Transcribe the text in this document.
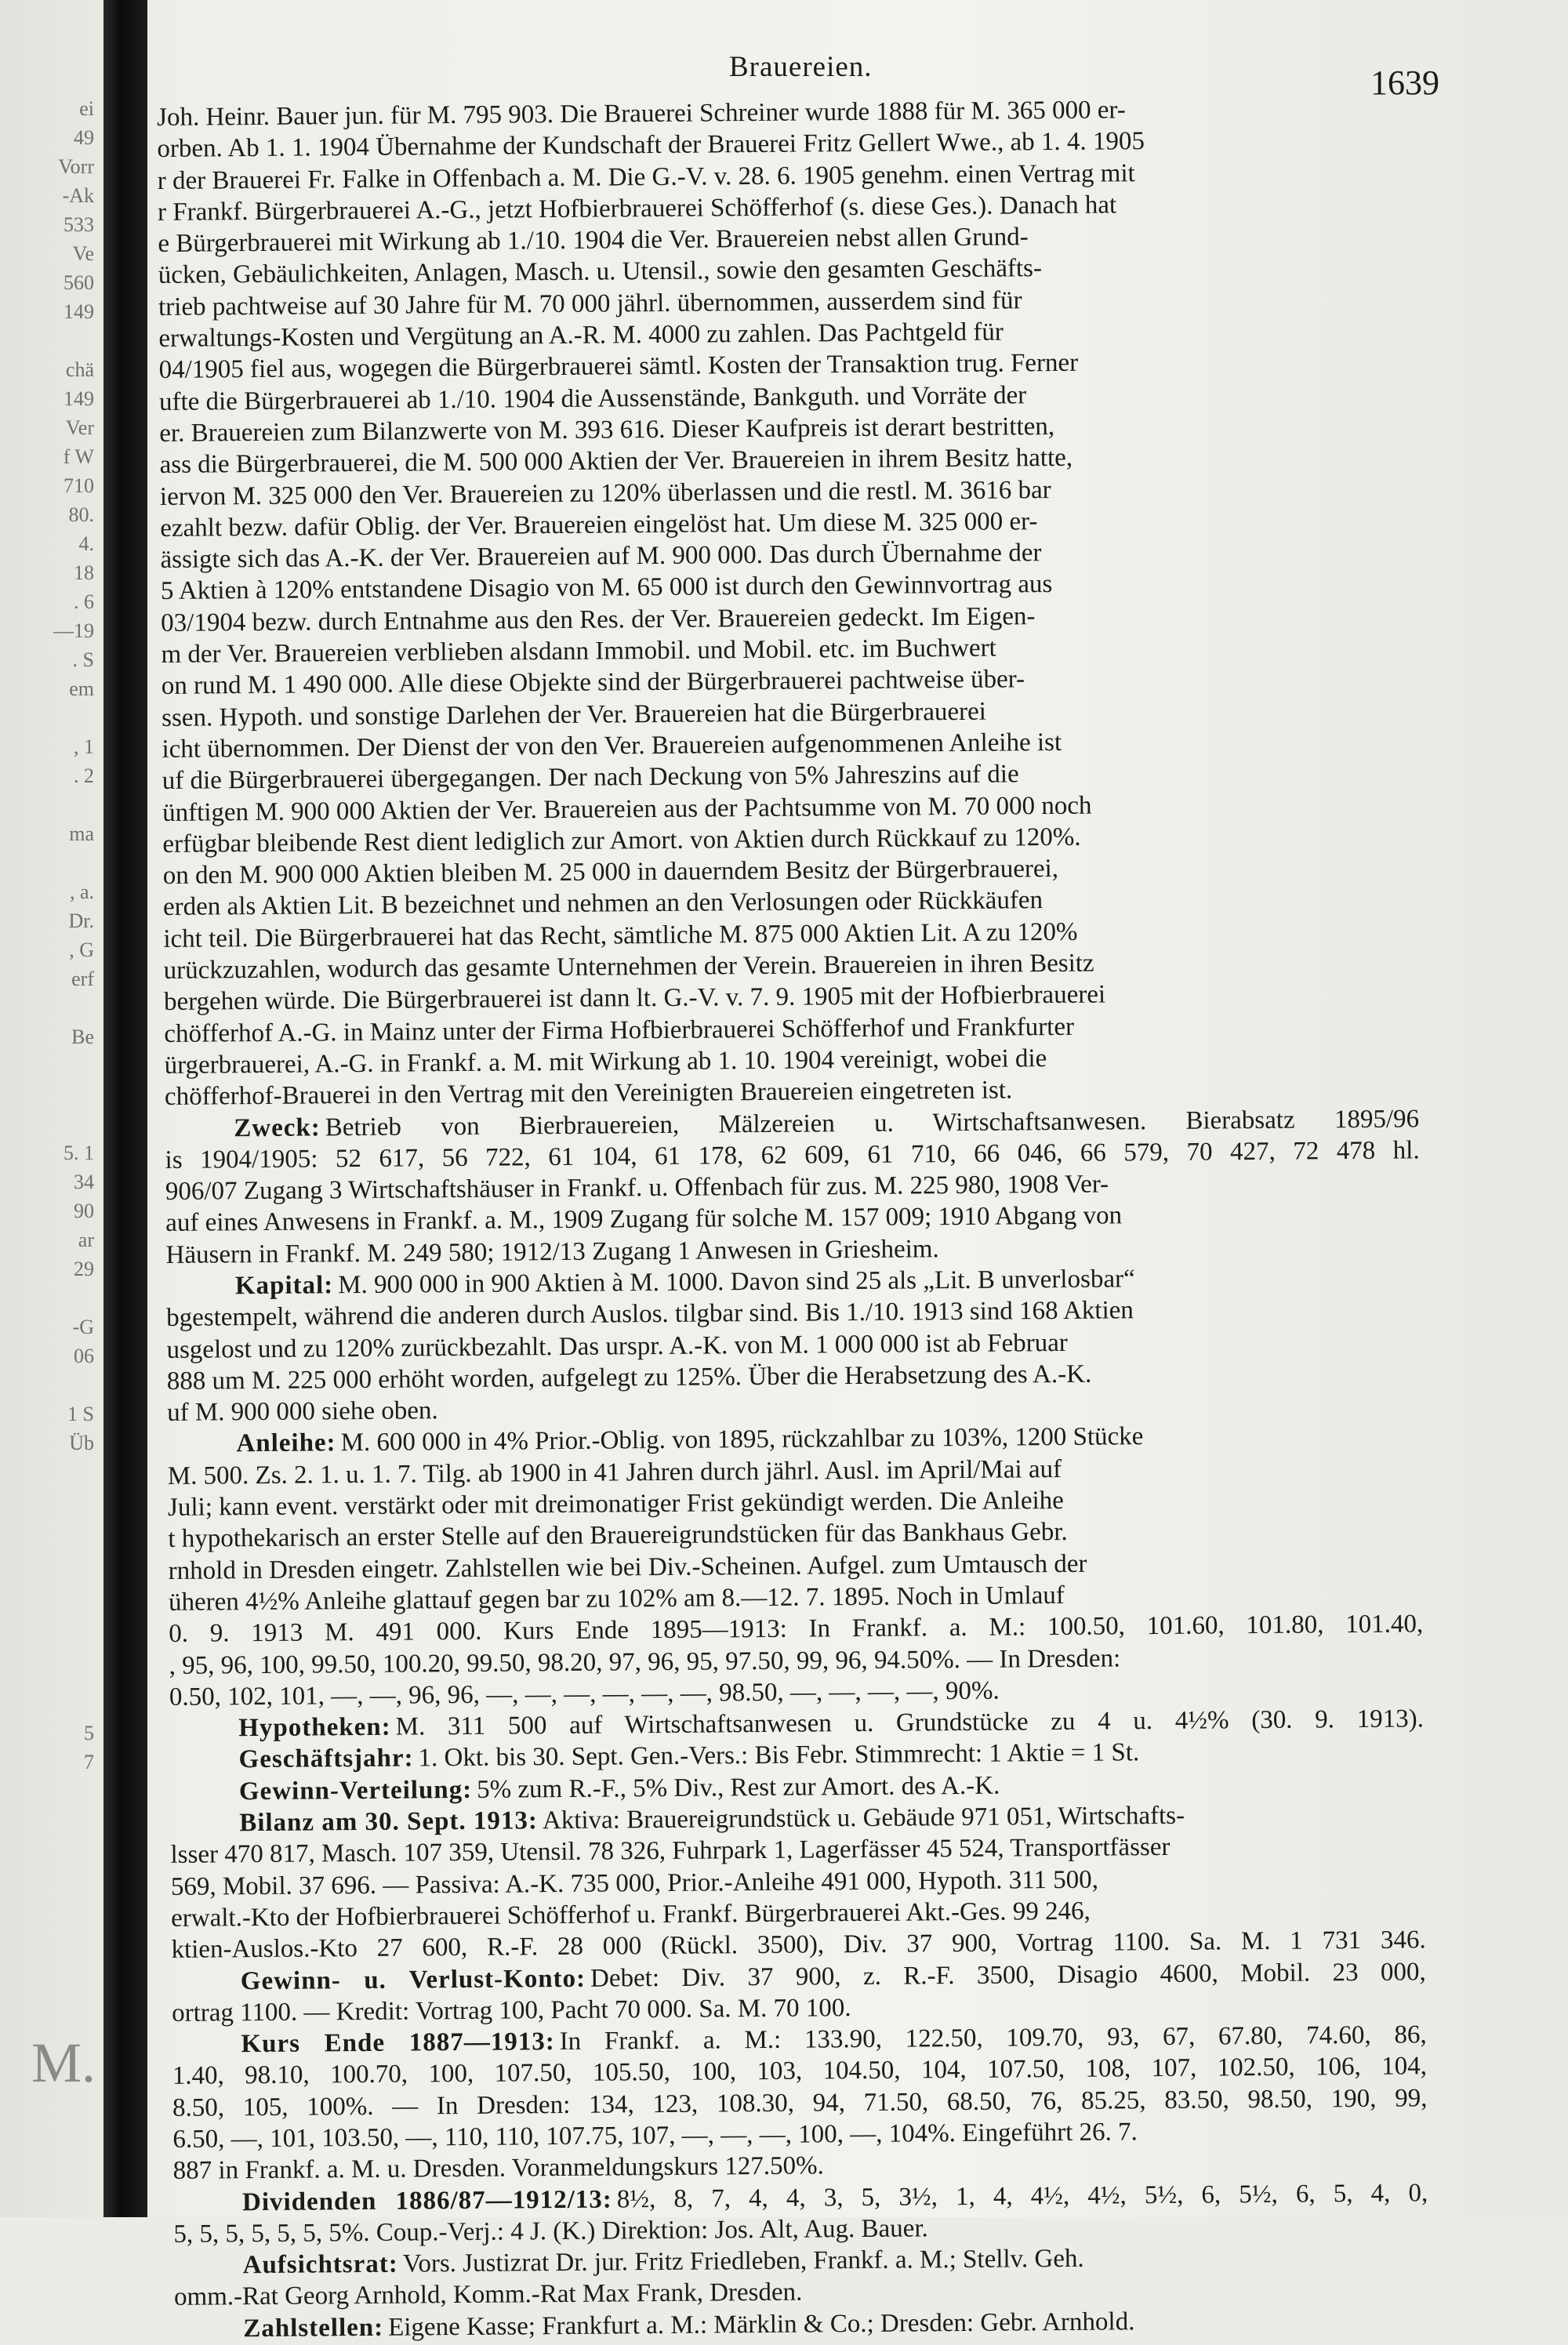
ei
49
Vorr
-Ak
533
Ve
560
149

chä
149
Ver
f W
710
80.
4.
18
. 6
—19
. S
em

, 1
. 2

ma

, a.
Dr.
, G
erf

Be

5. 1
34
90
ar
29

-G
06

1 S
Üb

5
7

M.
Brauereien.	1639
Joh. Heinr. Bauer jun. für M. 795 903. Die Brauerei Schreiner wurde 1888 für M. 365 000 er-
orben. Ab 1. 1. 1904 Übernahme der Kundschaft der Brauerei Fritz Gellert Wwe., ab 1. 4. 1905
r der Brauerei Fr. Falke in Offenbach a. M. Die G.-V. v. 28. 6. 1905 genehm. einen Vertrag mit
r Frankf. Bürgerbrauerei A.-G., jetzt Hofbierbrauerei Schöfferhof (s. diese Ges.). Danach hat
e Bürgerbrauerei mit Wirkung ab 1./10. 1904 die Ver. Brauereien nebst allen Grund-
ücken, Gebäulichkeiten, Anlagen, Masch. u. Utensil., sowie den gesamten Geschäfts-
trieb pachtweise auf 30 Jahre für M. 70 000 jährl. übernommen, ausserdem sind für
erwaltungs-Kosten und Vergütung an A.-R. M. 4000 zu zahlen. Das Pachtgeld für
04/1905 fiel aus, wogegen die Bürgerbrauerei sämtl. Kosten der Transaktion trug. Ferner
ufte die Bürgerbrauerei ab 1./10. 1904 die Aussenstände, Bankguth. und Vorräte der
er. Brauereien zum Bilanzwerte von M. 393 616. Dieser Kaufpreis ist derart bestritten,
ass die Bürgerbrauerei, die M. 500 000 Aktien der Ver. Brauereien in ihrem Besitz hatte,
iervon M. 325 000 den Ver. Brauereien zu 120% überlassen und die restl. M. 3616 bar
ezahlt bezw. dafür Oblig. der Ver. Brauereien eingelöst hat. Um diese M. 325 000 er-
ässigte sich das A.-K. der Ver. Brauereien auf M. 900 000. Das durch Übernahme der
5 Aktien à 120% entstandene Disagio von M. 65 000 ist durch den Gewinnvortrag aus
03/1904 bezw. durch Entnahme aus den Res. der Ver. Brauereien gedeckt. Im Eigen-
m der Ver. Brauereien verblieben alsdann Immobil. und Mobil. etc. im Buchwert
on rund M. 1 490 000. Alle diese Objekte sind der Bürgerbrauerei pachtweise über-
ssen. Hypoth. und sonstige Darlehen der Ver. Brauereien hat die Bürgerbrauerei
icht übernommen. Der Dienst der von den Ver. Brauereien aufgenommenen Anleihe ist
uf die Bürgerbrauerei übergegangen. Der nach Deckung von 5% Jahreszins auf die
ünftigen M. 900 000 Aktien der Ver. Brauereien aus der Pachtsumme von M. 70 000 noch
erfügbar bleibende Rest dient lediglich zur Amort. von Aktien durch Rückkauf zu 120%.
on den M. 900 000 Aktien bleiben M. 25 000 in dauerndem Besitz der Bürgerbrauerei,
erden als Aktien Lit. B bezeichnet und nehmen an den Verlosungen oder Rückkäufen
icht teil. Die Bürgerbrauerei hat das Recht, sämtliche M. 875 000 Aktien Lit. A zu 120%
urückzuzahlen, wodurch das gesamte Unternehmen der Verein. Brauereien in ihren Besitz
bergehen würde. Die Bürgerbrauerei ist dann lt. G.-V. v. 7. 9. 1905 mit der Hofbierbrauerei
chöfferhof A.-G. in Mainz unter der Firma Hofbierbrauerei Schöfferhof und Frankfurter
ürgerbrauerei, A.-G. in Frankf. a. M. mit Wirkung ab 1. 10. 1904 vereinigt, wobei die
chöfferhof-Brauerei in den Vertrag mit den Vereinigten Brauereien eingetreten ist.
Zweck: Betrieb von Bierbrauereien, Mälzereien u. Wirtschaftsanwesen. Bierabsatz 1895/96
is 1904/1905: 52 617, 56 722, 61 104, 61 178, 62 609, 61 710, 66 046, 66 579, 70 427, 72 478 hl.
906/07 Zugang 3 Wirtschaftshäuser in Frankf. u. Offenbach für zus. M. 225 980, 1908 Ver-
auf eines Anwesens in Frankf. a. M., 1909 Zugang für solche M. 157 009; 1910 Abgang von
Häusern in Frankf. M. 249 580; 1912/13 Zugang 1 Anwesen in Griesheim.
Kapital: M. 900 000 in 900 Aktien à M. 1000. Davon sind 25 als „Lit. B unverlosbar“
bgestempelt, während die anderen durch Auslos. tilgbar sind. Bis 1./10. 1913 sind 168 Aktien
usgelost und zu 120% zurückbezahlt. Das urspr. A.-K. von M. 1 000 000 ist ab Februar
888 um M. 225 000 erhöht worden, aufgelegt zu 125%. Über die Herabsetzung des A.-K.
uf M. 900 000 siehe oben.
Anleihe: M. 600 000 in 4% Prior.-Oblig. von 1895, rückzahlbar zu 103%, 1200 Stücke
M. 500. Zs. 2. 1. u. 1. 7. Tilg. ab 1900 in 41 Jahren durch jährl. Ausl. im April/Mai auf
Juli; kann event. verstärkt oder mit dreimonatiger Frist gekündigt werden. Die Anleihe
t hypothekarisch an erster Stelle auf den Brauereigrundstücken für das Bankhaus Gebr.
rnhold in Dresden eingetr. Zahlstellen wie bei Div.-Scheinen. Aufgel. zum Umtausch der
üheren 4½% Anleihe glattauf gegen bar zu 102% am 8.—12. 7. 1895. Noch in Umlauf
0. 9. 1913 M. 491 000. Kurs Ende 1895—1913: In Frankf. a. M.: 100.50, 101.60, 101.80, 101.40,
, 95, 96, 100, 99.50, 100.20, 99.50, 98.20, 97, 96, 95, 97.50, 99, 96, 94.50%. — In Dresden:
0.50, 102, 101, —, —, 96, 96, —, —, —, —, —, —, 98.50, —, —, —, —, 90%.
Hypotheken: M. 311 500 auf Wirtschaftsanwesen u. Grundstücke zu 4 u. 4½% (30. 9. 1913).
Geschäftsjahr: 1. Okt. bis 30. Sept. Gen.-Vers.: Bis Febr. Stimmrecht: 1 Aktie = 1 St.
Gewinn-Verteilung: 5% zum R.-F., 5% Div., Rest zur Amort. des A.-K.
Bilanz am 30. Sept. 1913: Aktiva: Brauereigrundstück u. Gebäude 971 051, Wirtschafts-
lsser 470 817, Masch. 107 359, Utensil. 78 326, Fuhrpark 1, Lagerfässer 45 524, Transportfässer
569, Mobil. 37 696. — Passiva: A.-K. 735 000, Prior.-Anleihe 491 000, Hypoth. 311 500,
erwalt.-Kto der Hofbierbrauerei Schöfferhof u. Frankf. Bürgerbrauerei Akt.-Ges. 99 246,
ktien-Auslos.-Kto 27 600, R.-F. 28 000 (Rückl. 3500), Div. 37 900, Vortrag 1100. Sa. M. 1 731 346.
Gewinn- u. Verlust-Konto: Debet: Div. 37 900, z. R.-F. 3500, Disagio 4600, Mobil. 23 000,
ortrag 1100. — Kredit: Vortrag 100, Pacht 70 000. Sa. M. 70 100.
Kurs Ende 1887—1913: In Frankf. a. M.: 133.90, 122.50, 109.70, 93, 67, 67.80, 74.60, 86,
1.40, 98.10, 100.70, 100, 107.50, 105.50, 100, 103, 104.50, 104, 107.50, 108, 107, 102.50, 106, 104,
8.50, 105, 100%. — In Dresden: 134, 123, 108.30, 94, 71.50, 68.50, 76, 85.25, 83.50, 98.50, 190, 99,
6.50, —, 101, 103.50, —, 110, 110, 107.75, 107, —, —, —, 100, —, 104%. Eingeführt 26. 7.
887 in Frankf. a. M. u. Dresden. Voranmeldungskurs 127.50%.
Dividenden 1886/87—1912/13: 8½, 8, 7, 4, 4, 3, 5, 3½, 1, 4, 4½, 4½, 5½, 6, 5½, 6, 5, 4, 0,
5, 5, 5, 5, 5, 5, 5%. Coup.-Verj.: 4 J. (K.) Direktion: Jos. Alt, Aug. Bauer.
Aufsichtsrat: Vors. Justizrat Dr. jur. Fritz Friedleben, Frankf. a. M.; Stellv. Geh.
omm.-Rat Georg Arnhold, Komm.-Rat Max Frank, Dresden.
Zahlstellen: Eigene Kasse; Frankfurt a. M.: Märklin & Co.; Dresden: Gebr. Arnhold.
